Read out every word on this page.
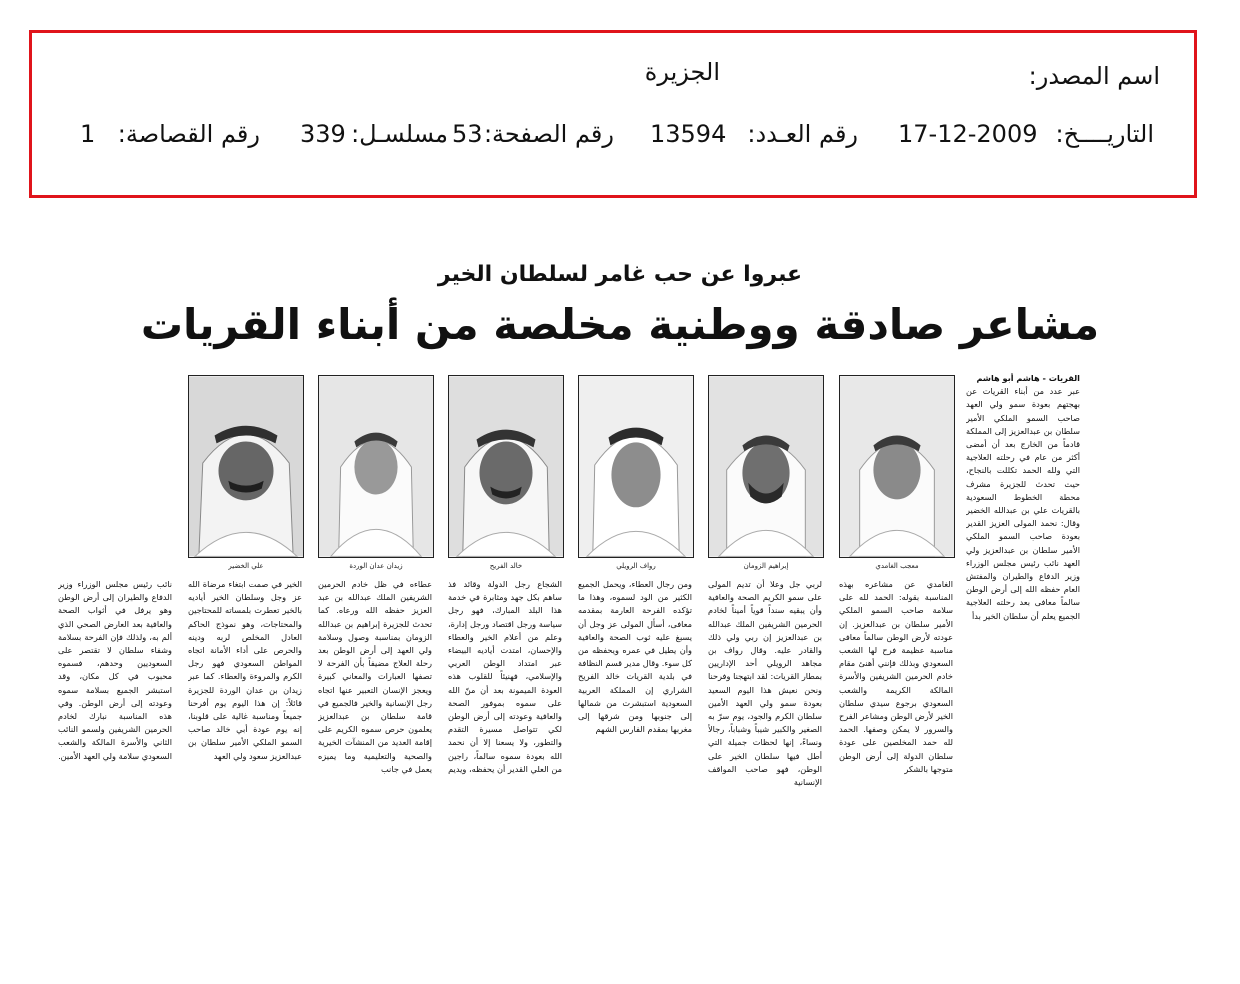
اسم المصدر:
الجزيرة
التاريــــخ:
17-12-2009
رقم العـدد:
13594
رقم الصفحة:
53
مسلسـل:
339
رقم القصاصة:
1
عبروا عن حب غامر لسلطان الخير
مشاعر صادقة ووطنية مخلصة من أبناء القريات
معجب الغامدي
إبراهيم الزومان
رواف الرويلي
خالد الفريح
زيدان عدان الوردة
علي الخضير

القريات - هاشم أبو هاشم

عبر عدد من أبناء القريات عن بهجتهم بعودة سمو ولي العهد صاحب السمو الملكي الأمير سلطان بن عبدالعزيز إلى المملكة قادماً من الخارج بعد أن أمضى أكثر من عام في رحلته العلاجية التي ولله الحمد تكللت بالنجاح، حيث تحدث للجزيرة مشرف محطة الخطوط السعودية بالقريات علي بن عبدالله الخضير وقال: نحمد المولى العزيز القدير بعودة صاحب السمو الملكي الأمير سلطان بن عبدالعزيز ولي العهد نائب رئيس مجلس الوزراء وزير الدفاع والطيران والمفتش العام حفظه الله إلى أرض الوطن سالماً معافى بعد رحلته العلاجية الجميع يعلم أن سلطان الخير بدأ

الغامدي عن مشاعره بهذه المناسبة بقوله: الحمد لله على سلامة صاحب السمو الملكي الأمير سلطان بن عبدالعزيز. إن عودته لأرض الوطن سالماً معافى مناسبة عظيمة فرح لها الشعب السعودي وبذلك فإنني أهنئ مقام خادم الحرمين الشريفين والأسرة المالكة الكريمة والشعب السعودي برجوع سيدي سلطان الخير لأرض الوطن ومشاعر الفرح والسرور لا يمكن وصفها. الحمد لله حمد المخلصين على عودة سلطان الدولة إلى أرض الوطن متوجها بالشكر

لربي جل وعلا أن تديم المولى على سمو الكريم الصحة والعافية وأن يبقيه سنداً قوياً أميناً لخادم الحرمين الشريفين الملك عبدالله بن عبدالعزيز إن ربي ولي ذلك والقادر عليه. وقال رواف بن مجاهد الرويلي أحد الإداريين بمطار القريات: لقد ابتهجنا وفرحنا ونحن نعيش هذا اليوم السعيد بعودة سمو ولي العهد الأمين سلطان الكرم والجود، يوم سرّ به الصغير والكبير شيباً وشباباً، رجالاً ونساءً، إنها لحظات جميلة التي أطل فيها سلطان الخير على الوطن، فهو صاحب المواقف الإنسانية

ومن رجال العطاء، ويحمل الجميع الكثير من الود لسموه، وهذا ما تؤكده الفرحة العارمة بمقدمه معافى، أسأل المولى عز وجل أن يسبغ عليه ثوب الصحة والعافية وأن يطيل في عمره ويحفظه من كل سوء. وقال مدير قسم النظافة في بلدية القريات خالد الفريح الشراري إن المملكة العربية السعودية استبشرت من شمالها إلى جنوبها ومن شرقها إلى مغربها بمقدم الفارس الشهم

الشجاع رجل الدولة وقائد فذ ساهم بكل جهد ومثابرة في خدمة هذا البلد المبارك، فهو رجل سياسة ورجل اقتصاد ورجل إدارة، وعلم من أعلام الخير والعطاء والإحسان، امتدت أياديه البيضاء عبر امتداد الوطن العربي والإسلامي، فهنيئاً للقلوب هذه العودة الميمونة بعد أن منّ الله على سموه بموفور الصحة والعافية وعودته إلى أرض الوطن لكي تتواصل مسيرة التقدم والتطور، ولا يسعنا إلا أن نحمد الله بعودة سموه سالماً، راجين من العلي القدير أن يحفظه، ويديم

عطاءه في ظل خادم الحرمين الشريفين الملك عبدالله بن عبد العزيز حفظه الله ورعاه. كما تحدث للجزيرة إبراهيم بن عبدالله الزومان بمناسبة وصول وسلامة ولي العهد إلى أرض الوطن بعد رحلة العلاج مضيفاً بأن الفرحة لا تصفها العبارات والمعاني كبيرة ويعجز الإنسان التعبير عنها اتجاه رجل الإنسانية والخير فالجميع في قامة سلطان بن عبدالعزيز يعلمون حرص سموه الكريم على إقامة العديد من المنشآت الخيرية والصحية والتعليمية وما يميزه يعمل في جانب

الخير في صمت ابتغاء مرضاة الله عز وجل وسلطان الخير أياديه بالخير تعطرت بلمساته للمحتاجين والمحتاجات، وهو نموذج الحاكم العادل المخلص لربه ودينه والحرص على أداء الأمانة اتجاه المواطن السعودي فهو رجل الكرم والمروءة والعطاء. كما عبر زيدان بن عدان الوردة للجزيرة قائلاً: إن هذا اليوم يوم أفرحنا جميعاً ومناسبة غالية على قلوبنا، إنه يوم عودة أبي خالد صاحب السمو الملكي الأمير سلطان بن عبدالعزيز سعود ولي العهد

نائب رئيس مجلس الوزراء وزير الدفاع والطيران إلى أرض الوطن وهو يرفل في أثواب الصحة والعافية بعد العارض الصحي الذي ألم به، ولذلك فإن الفرحة بسلامة وشفاء سلطان لا تقتصر على السعوديين وحدهم، فسموه محبوب في كل مكان، وقد استبشر الجميع بسلامة سموه وعودته إلى أرض الوطن. وفي هذه المناسبة نبارك لخادم الحرمين الشريفين ولسمو النائب الثاني والأسرة المالكة والشعب السعودي سلامة ولي العهد الأمين.
